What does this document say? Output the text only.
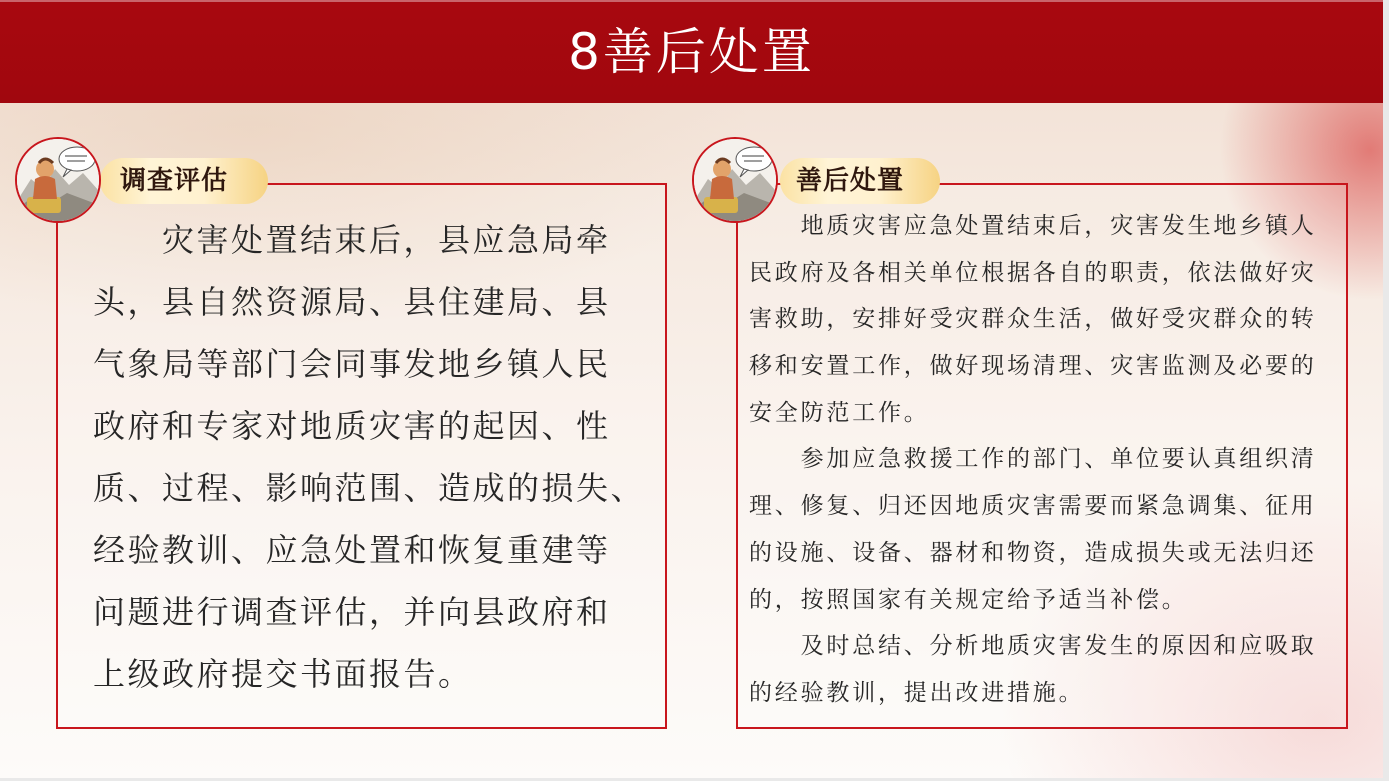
8善后处置
调查评估
灾害处置结束后，县应急局牵
头，县自然资源局、县住建局、县
气象局等部门会同事发地乡镇人民
政府和专家对地质灾害的起因、性
质、过程、影响范围、造成的损失、
经验教训、应急处置和恢复重建等
问题进行调查评估，并向县政府和
上级政府提交书面报告。
善后处置
地质灾害应急处置结束后，灾害发生地乡镇人
民政府及各相关单位根据各自的职责，依法做好灾
害救助，安排好受灾群众生活，做好受灾群众的转
移和安置工作，做好现场清理、灾害监测及必要的
安全防范工作。
参加应急救援工作的部门、单位要认真组织清
理、修复、归还因地质灾害需要而紧急调集、征用
的设施、设备、器材和物资，造成损失或无法归还
的，按照国家有关规定给予适当补偿。
及时总结、分析地质灾害发生的原因和应吸取
的经验教训，提出改进措施。
